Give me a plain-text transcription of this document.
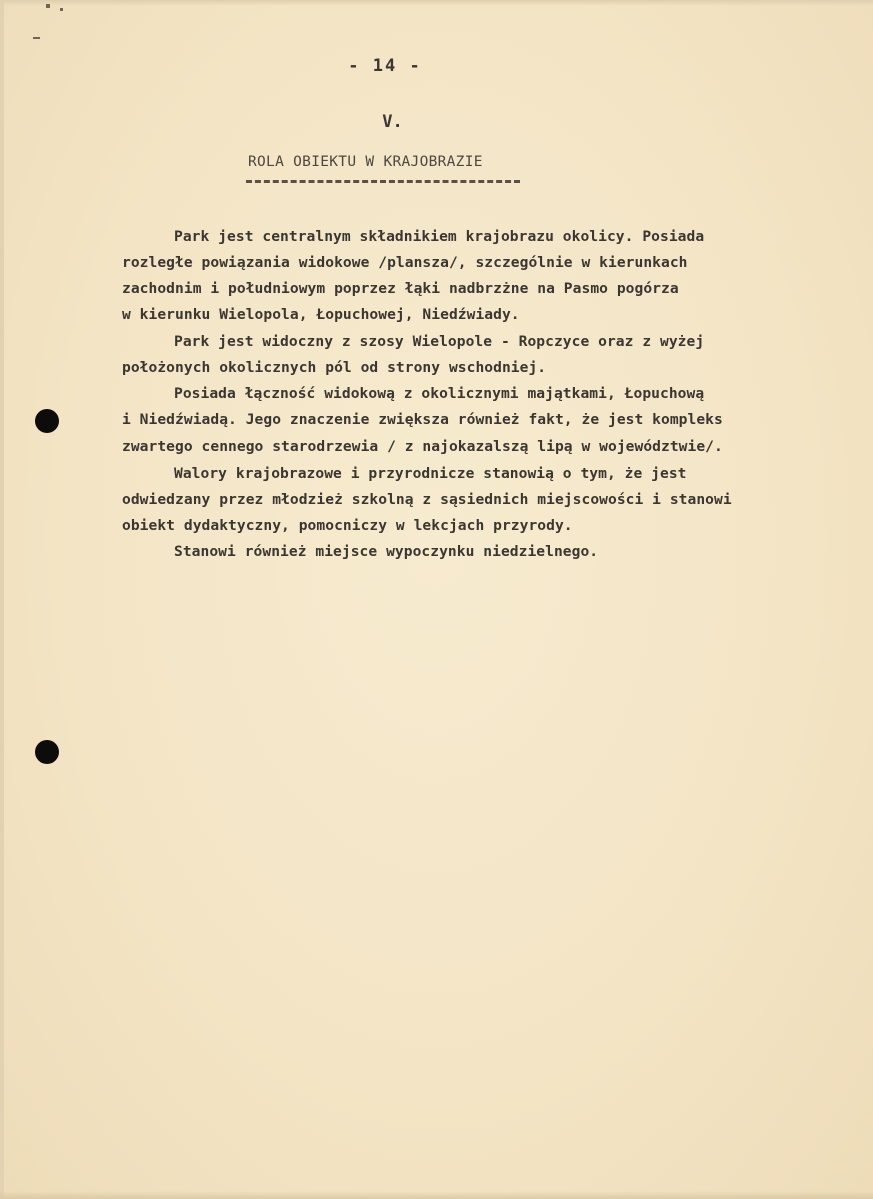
- 14 -
V.
ROLA OBIEKTU W KRAJOBRAZIE
Park jest centralnym składnikiem krajobrazu okolicy. Posiada
rozległe powiązania widokowe /plansza/, szczególnie w kierunkach
zachodnim i południowym poprzez łąki nadbrzżne na Pasmo pogórza
w kierunku Wielopola, Łopuchowej, Niedźwiady.
Park jest widoczny z szosy Wielopole - Ropczyce oraz z wyżej
położonych okolicznych pól od strony wschodniej.
Posiada łączność widokową z okolicznymi majątkami, Łopuchową
i Niedźwiadą. Jego znaczenie zwiększa również fakt, że jest kompleks
zwartego cennego starodrzewia / z najokazalszą lipą w województwie/.
Walory krajobrazowe i przyrodnicze stanowią o tym, że jest
odwiedzany przez młodzież szkolną z sąsiednich miejscowości i stanowi
obiekt dydaktyczny, pomocniczy w lekcjach przyrody.
Stanowi również miejsce wypoczynku niedzielnego.
